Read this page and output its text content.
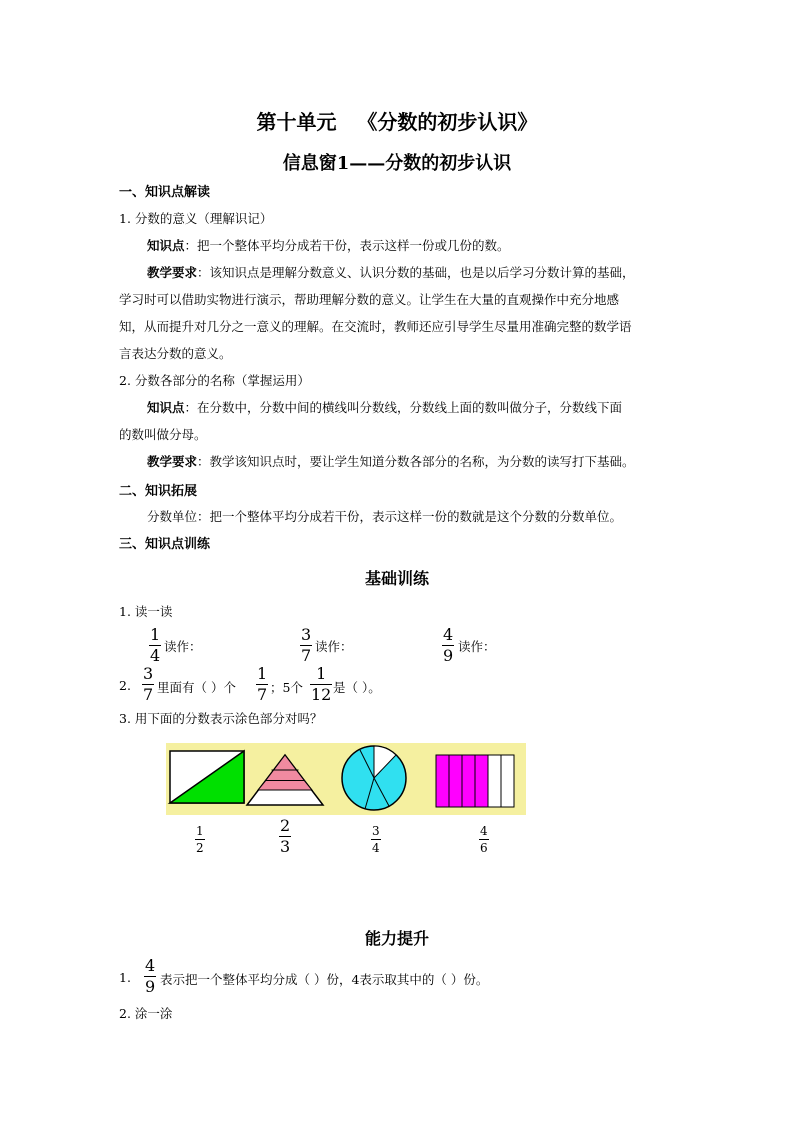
第十单元   《分数的初步认识》
信息窗1——分数的初步认识
一、知识点解读
1. 分数的意义（理解识记）
知识点：把一个整体平均分成若干份，表示这样一份或几份的数。
教学要求：该知识点是理解分数意义、认识分数的基础，也是以后学习分数计算的基础，
学习时可以借助实物进行演示，帮助理解分数的意义。让学生在大量的直观操作中充分地感
知，从而提升对几分之一意义的理解。在交流时，教师还应引导学生尽量用准确完整的数学语
言表达分数的意义。
2. 分数各部分的名称（掌握运用）
知识点：在分数中，分数中间的横线叫分数线，分数线上面的数叫做分子，分数线下面
的数叫做分母。
教学要求：教学该知识点时，要让学生知道分数各部分的名称，为分数的读写打下基础。
二、知识拓展
分数单位：把一个整体平均分成若干份，表示这样一份的数就是这个分数的分数单位。
三、知识点训练
基础训练
1. 读一读
1
4 读作：
3
7 读作：
4
9 读作：
2.
3
7 里面有（ ）个
1
7 ；5个
1
12 是（ ）。
3. 用下面的分数表示涂色部分对吗？
1
2
2
3
3
4
4
6
能力提升
1.
4
9 表示把一个整体平均分成（ ）份，4表示取其中的（ ）份。
2. 涂一涂
